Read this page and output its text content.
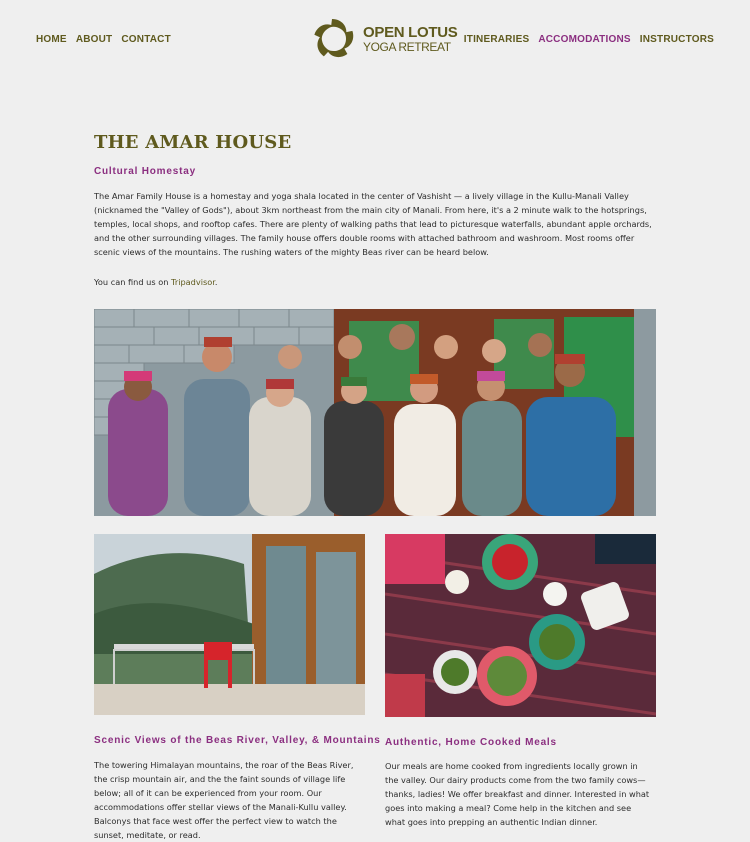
HOME ABOUT CONTACT	OPEN LOTUS
YOGA RETREAT
ITINERARIES ACCOMODATIONS INSTRUCTORS
THE AMAR HOUSE
Cultural Homestay

The Amar Family House is a homestay and yoga shala located in the center of Vashisht — a lively village in the Kullu-Manali Valley (nicknamed the "Valley of Gods"), about 3km northeast from the main city of Manali. From here, it's a 2 minute walk to the hotsprings, temples, local shops, and rooftop cafes. There are plenty of walking paths that lead to picturesque waterfalls, abundant apple orchards, and the other surrounding villages. The family house offers double rooms with attached bathroom and washroom. Most rooms offer scenic views of the mountains. The rushing waters of the mighty Beas river can be heard below.

You can find us on Tripadvisor.

Scenic Views of the Beas River, Valley, & Mountains

The towering Himalayan mountains, the roar of the Beas River, the crisp mountain air, and the the faint sounds of village life below; all of it can be experienced from your room. Our accommodations offer stellar views of the Manali-Kullu valley. Balconys that face west offer the perfect view to watch the sunset, meditate, or read.

Authentic, Home Cooked Meals

Our meals are home cooked from ingredients locally grown in the valley. Our dairy products come from the two family cows—thanks, ladies! We offer breakfast and dinner. Interested in what goes into making a meal? Come help in the kitchen and see what goes into prepping an authentic Indian dinner.
